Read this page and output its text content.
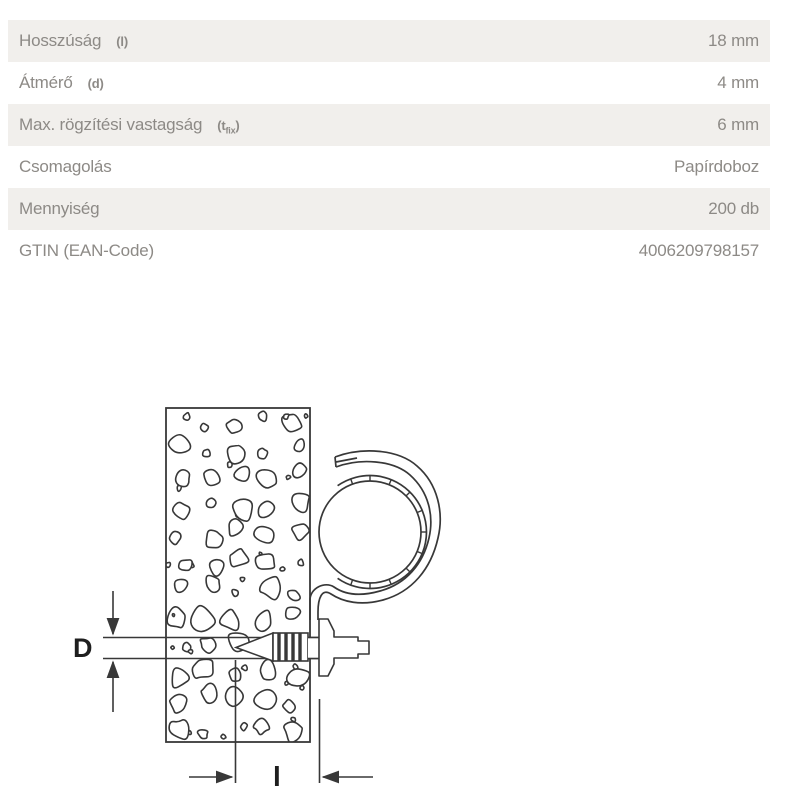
Hosszúság (l)	18 mm
Átmérő (d)	4 mm
Max. rögzítési vastagság $(t_{fix})$	6 mm
Csomagolás	Papírdoboz
Mennyiség	200 db
GTIN (EAN-Code)	4006209798157
D
l
